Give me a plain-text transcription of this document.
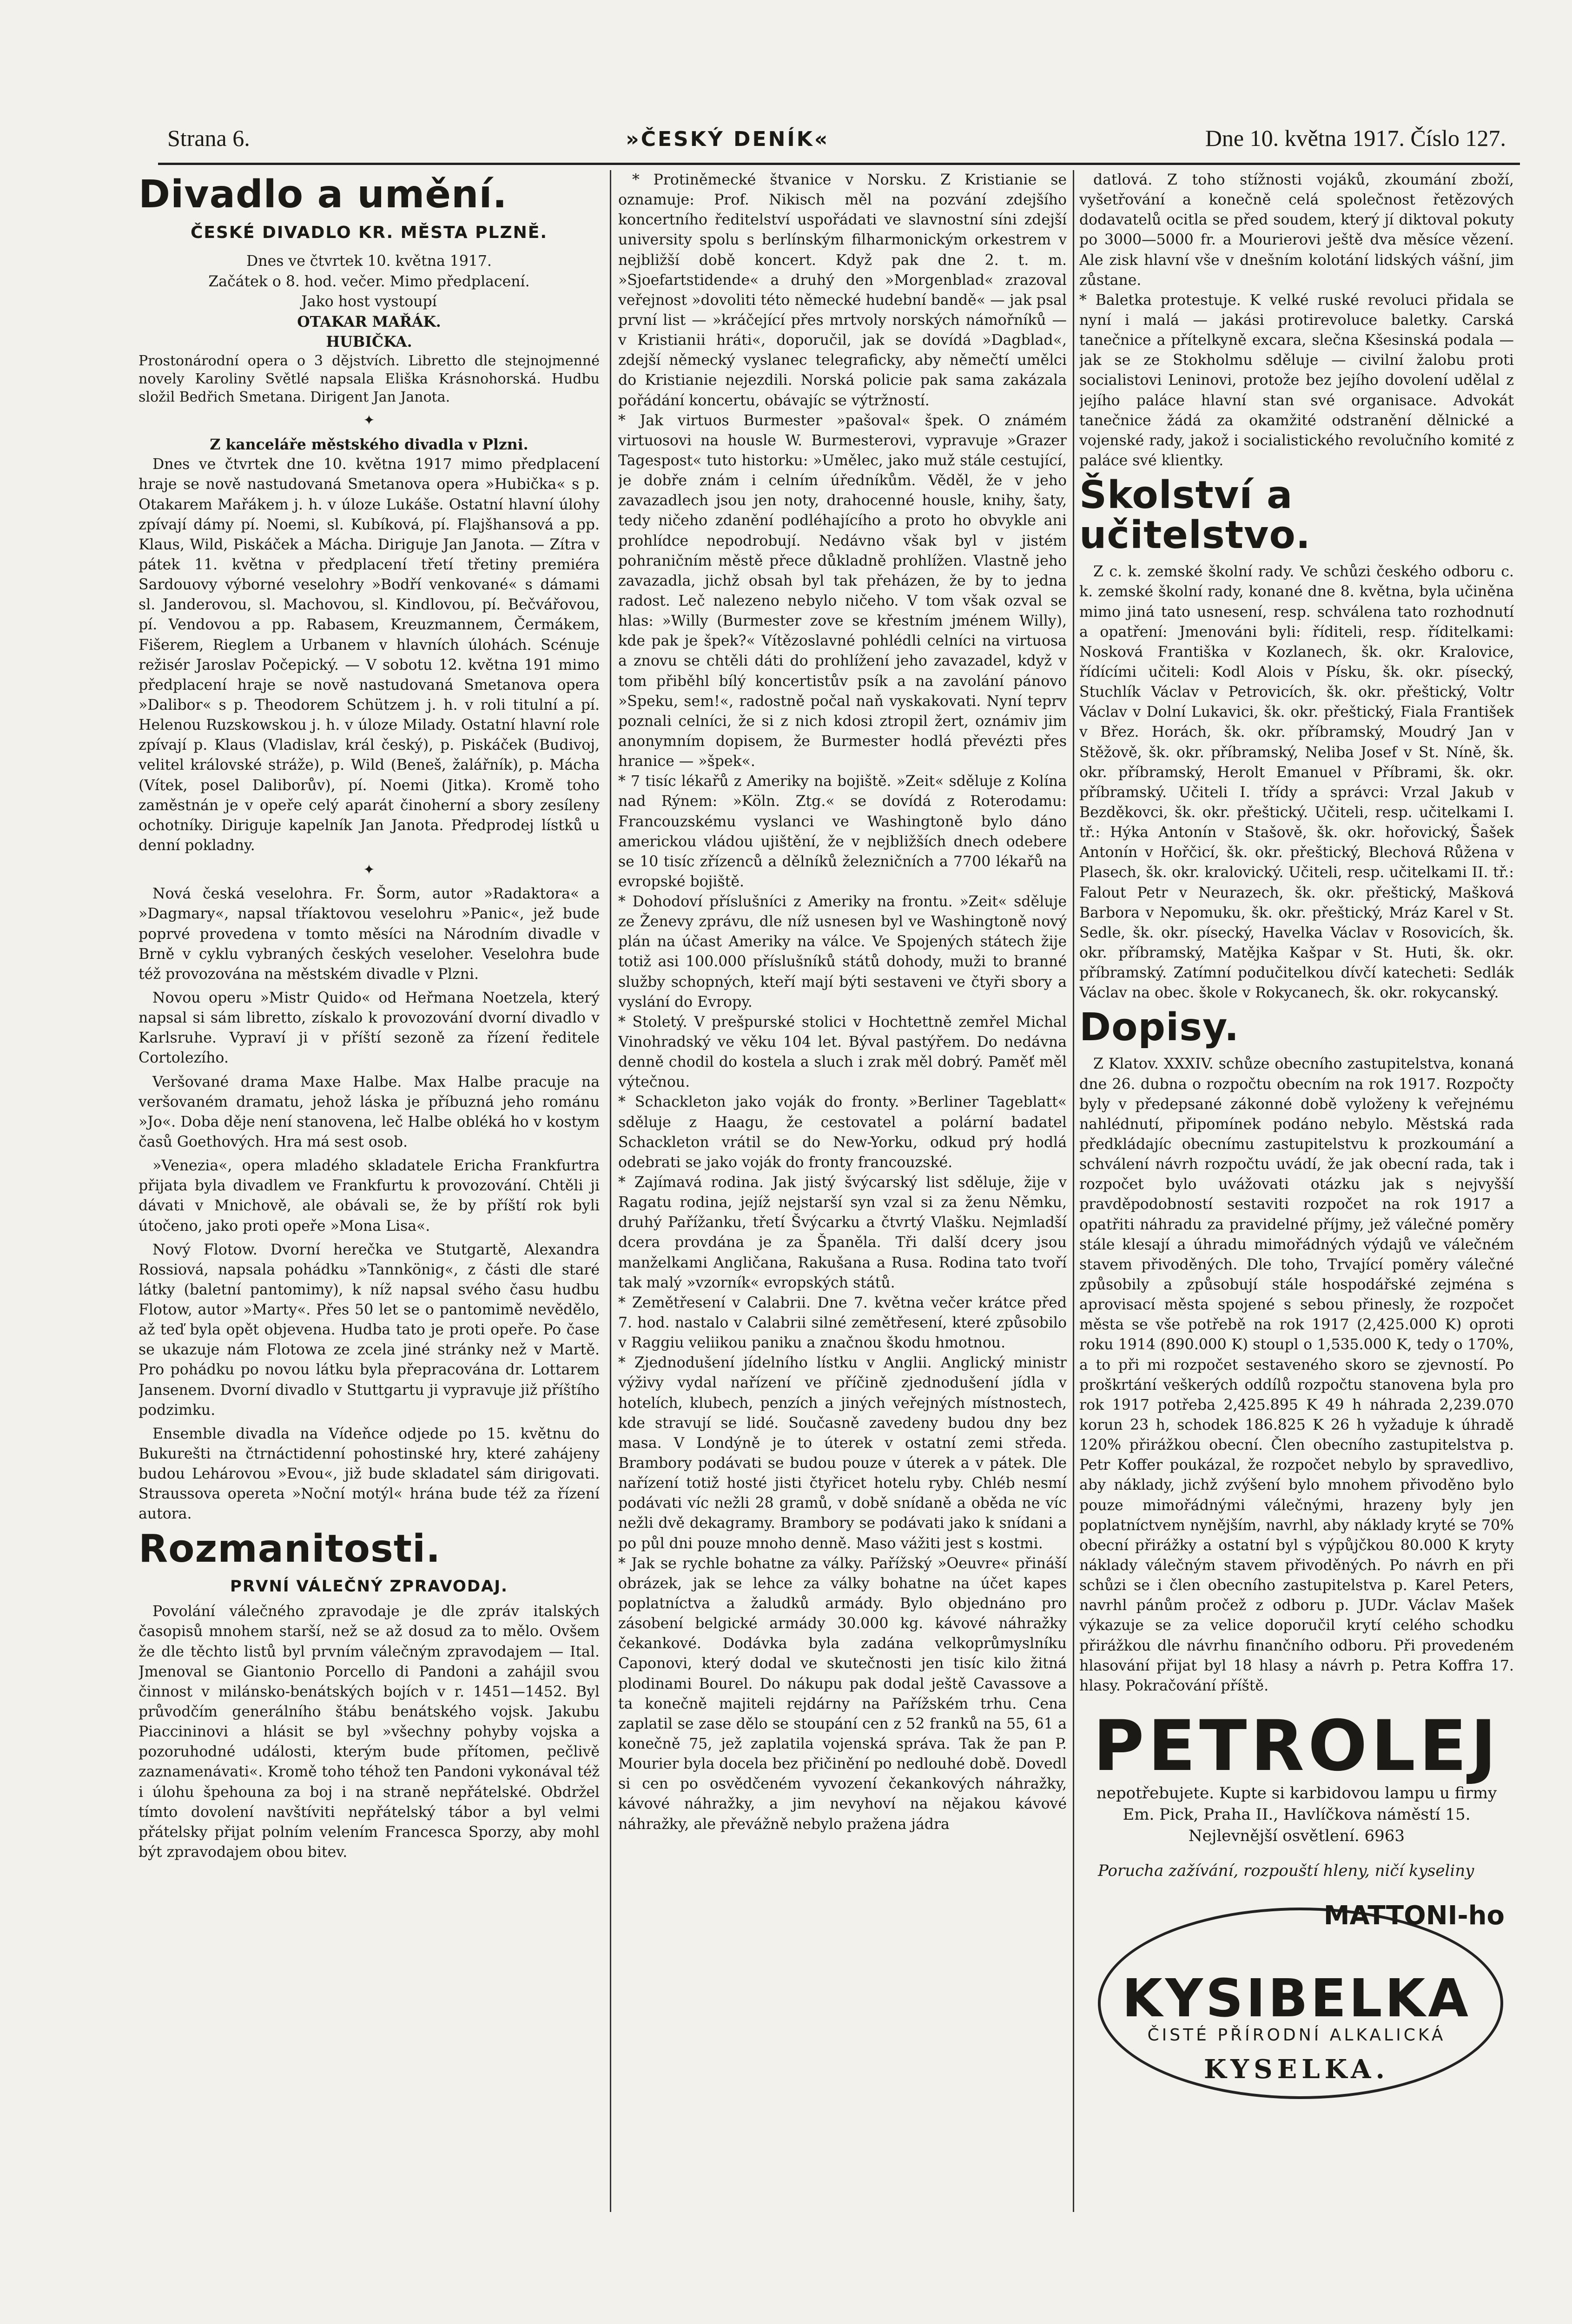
Strana 6.	»ČESKÝ DENÍK«	Dne 10. května 1917. Číslo 127.
Divadlo a umění.
ČESKÉ DIVADLO KR. MĚSTA PLZNĚ.
Dnes ve čtvrtek 10. května 1917.
Začátek o 8. hod. večer. Mimo předplacení.
Jako host vystoupí
OTAKAR MAŘÁK.
HUBIČKA.

Prostonárodní opera o 3 dějstvích. Libretto dle stejnojmenné novely Karoliny Světlé napsala Eliška Krásnohorská. Hudbu složil Bedřich Smetana. Dirigent Jan Janota.

✦
Z kanceláře městského divadla v Plzni.

Dnes ve čtvrtek dne 10. května 1917 mimo předplacení hraje se nově nastudovaná Smetanova opera »Hubička« s p. Otakarem Mařákem j. h. v úloze Lukáše. Ostatní hlavní úlohy zpívají dámy pí. Noemi, sl. Kubíková, pí. Flajšhansová a pp. Klaus, Wild, Piskáček a Mácha. Diriguje Jan Janota. — Zítra v pátek 11. května v předplacení třetí třetiny premiéra Sardouovy výborné veselohry »Bodří venkované« s dámami sl. Janderovou, sl. Machovou, sl. Kindlovou, pí. Bečvářovou, pí. Vendovou a pp. Rabasem, Kreuzmannem, Čermákem, Fišerem, Rieglem a Urbanem v hlavních úlohách. Scénuje režisér Jaroslav Počepický. — V sobotu 12. května 191 mimo předplacení hraje se nově nastudovaná Smetanova opera »Dalibor« s p. Theodorem Schützem j. h. v roli titulní a pí. Helenou Ruzskowskou j. h. v úloze Milady. Ostatní hlavní role zpívají p. Klaus (Vladislav, král český), p. Piskáček (Budivoj, velitel královské stráže), p. Wild (Beneš, žalářník), p. Mácha (Vítek, posel Daliborův), pí. Noemi (Jitka). Kromě toho zaměstnán je v opeře celý aparát činoherní a sbory zesíleny ochotníky. Diriguje kapelník Jan Janota. Předprodej lístků u denní pokladny.

✦

Nová česká veselohra. Fr. Šorm, autor »Radaktora« a »Dagmary«, napsal tříaktovou veselohru »Panic«, jež bude poprvé provedena v tomto měsíci na Národním divadle v Brně v cyklu vybraných českých veseloher. Veselohra bude též provozována na městském divadle v Plzni.

Novou operu »Mistr Quido« od Heřmana Noetzela, který napsal si sám libretto, získalo k provozování dvorní divadlo v Karlsruhe. Vypraví ji v příští sezoně za řízení ředitele Cortolezího.

Veršované drama Maxe Halbe. Max Halbe pracuje na veršovaném dramatu, jehož láska je příbuzná jeho románu »Jo«. Doba děje není stanovena, leč Halbe obléká ho v kostym časů Goethových. Hra má sest osob.

»Venezia«, opera mladého skladatele Ericha Frankfurtra přijata byla divadlem ve Frankfurtu k provozování. Chtěli ji dávati v Mnichově, ale obávali se, že by příští rok byli útočeno, jako proti opeře »Mona Lisa«.

Nový Flotow. Dvorní herečka ve Stutgartě, Alexandra Rossiová, napsala pohádku »Tannkönig«, z části dle staré látky (baletní pantomimy), k níž napsal svého času hudbu Flotow, autor »Marty«. Přes 50 let se o pantomimě nevědělo, až teď byla opět objevena. Hudba tato je proti opeře. Po čase se ukazuje nám Flotowa ze zcela jiné stránky než v Martě. Pro pohádku po novou látku byla přepracována dr. Lottarem Jansenem. Dvorní divadlo v Stuttgartu ji vypravuje již příštího podzimku.

Ensemble divadla na Vídeňce odjede po 15. květnu do Bukurešti na čtrnáctidenní pohostinské hry, které zahájeny budou Lehárovou »Evou«, již bude skladatel sám dirigovati. Straussova opereta »Noční motýl« hrána bude též za řízení autora.

Rozmanitosti.
PRVNÍ VÁLEČNÝ ZPRAVODAJ.

Povolání válečného zpravodaje je dle zpráv italských časopisů mnohem starší, než se až dosud za to mělo. Ovšem že dle těchto listů byl prvním válečným zpravodajem — Ital. Jmenoval se Giantonio Porcello di Pandoni a zahájil svou činnost v milánsko-benátských bojích v r. 1451—1452. Byl průvodčím generálního štábu benátského vojsk. Jakubu Piaccininovi a hlásit se byl »všechny pohyby vojska a pozoruhodné události, kterým bude přítomen, pečlivě zaznamenávati«. Kromě toho téhož ten Pandoni vykonával též i úlohu špehouna za boj i na straně nepřátelské. Obdržel tímto dovolení navštíviti nepřátelský tábor a byl velmi přátelsky přijat polním velením Francesca Sporzy, aby mohl být zpravodajem obou bitev.

* Protiněmecké štvanice v Norsku. Z Kristianie se oznamuje: Prof. Nikisch měl na pozvání zdejšího koncertního ředitelství uspořádati ve slavnostní síni zdejší university spolu s berlínským filharmonickým orkestrem v nejbližší době koncert. Když pak dne 2. t. m. »Sjoefartstidende« a druhý den »Morgenblad« zrazoval veřejnost »dovoliti této německé hudební bandě« — jak psal první list — »kráčející přes mrtvoly norských námořníků — v Kristianii hráti«, doporučil, jak se dovídá »Dagblad«, zdejší německý vyslanec telegraficky, aby němečtí umělci do Kristianie nejezdili. Norská policie pak sama zakázala pořádání koncertu, obávajíc se výtržností.
* Jak virtuos Burmester »pašoval« špek. O známém virtuosovi na housle W. Burmesterovi, vypravuje »Grazer Tagespost« tuto historku: »Umělec, jako muž stále cestující, je dobře znám i celním úředníkům. Věděl, že v jeho zavazadlech jsou jen noty, drahocenné housle, knihy, šaty, tedy ničeho zdanění podléhajícího a proto ho obvykle ani prohlídce nepodrobují. Nedávno však byl v jistém pohraničním městě přece důkladně prohlížen. Vlastně jeho zavazadla, jichž obsah byl tak přeházen, že by to jedna radost. Leč nalezeno nebylo ničeho. V tom však ozval se hlas: »Willy (Burmester zove se křestním jménem Willy), kde pak je špek?« Vítězoslavné pohlédli celníci na virtuosa a znovu se chtěli dáti do prohlížení jeho zavazadel, když v tom přiběhl bílý koncertistův psík a na zavolání pánovo »Speku, sem!«, radostně počal naň vyskakovati. Nyní teprv poznali celníci, že si z nich kdosi ztropil žert, oznámiv jim anonymním dopisem, že Burmester hodlá převézti přes hranice — »špek«.
* 7 tisíc lékařů z Ameriky na bojiště. »Zeit« sděluje z Kolína nad Rýnem: »Köln. Ztg.« se dovídá z Roterodamu: Francouzskému vyslanci ve Washingtoně bylo dáno americkou vládou ujištění, že v nejbližších dnech odebere se 10 tisíc zřízenců a dělníků železničních a 7700 lékařů na evropské bojiště.
* Dohodoví příslušníci z Ameriky na frontu. »Zeit« sděluje ze Ženevy zprávu, dle níž usnesen byl ve Washingtoně nový plán na účast Ameriky na válce. Ve Spojených státech žije totiž asi 100.000 příslušníků států dohody, muži to branné služby schopných, kteří mají býti sestaveni ve čtyři sbory a vyslání do Evropy.
* Stoletý. V prešpurské stolici v Hochtettně zemřel Michal Vinohradský ve věku 104 let. Býval pastýřem. Do nedávna denně chodil do kostela a sluch i zrak měl dobrý. Paměť měl výtečnou.
* Schackleton jako voják do fronty. »Berliner Tageblatt« sděluje z Haagu, že cestovatel a polární badatel Schackleton vrátil se do New-Yorku, odkud prý hodlá odebrati se jako voják do fronty francouzské.
* Zajímavá rodina. Jak jistý švýcarský list sděluje, žije v Ragatu rodina, jejíž nejstarší syn vzal si za ženu Němku, druhý Pařížanku, třetí Švýcarku a čtvrtý Vlašku. Nejmladší dcera provdána je za Španěla. Tři další dcery jsou manželkami Angličana, Rakušana a Rusa. Rodina tato tvoří tak malý »vzorník« evropských států.
* Zemětřesení v Calabrii. Dne 7. května večer krátce před 7. hod. nastalo v Calabrii silné zemětřesení, které způsobilo v Raggiu veliikou paniku a značnou škodu hmotnou.
* Zjednodušení jídelního lístku v Anglii. Anglický ministr výživy vydal nařízení ve příčině zjednodušení jídla v hotelích, klubech, penzích a jiných veřejných místnostech, kde stravují se lidé. Současně zavedeny budou dny bez masa. V Londýně je to úterek v ostatní zemi středa. Brambory podávati se budou pouze v úterek a v pátek. Dle nařízení totiž hosté jisti čtyřicet hotelu ryby. Chléb nesmí podávati víc nežli 28 gramů, v době snídaně a oběda ne víc nežli dvě dekagramy. Brambory se podávati jako k snídani a po půl dni pouze mnoho denně. Maso vážiti jest s kostmi.
* Jak se rychle bohatne za války. Pařížský »Oeuvre« přináší obrázek, jak se lehce za války bohatne na účet kapes poplatníctva a žaludků armády. Bylo objednáno pro zásobení belgické armády 30.000 kg. kávové náhražky čekankové. Dodávka byla zadána velkoprůmyslníku Caponovi, který dodal ve skutečnosti jen tisíc kilo žitná plodinami Bourel. Do nákupu pak dodal ještě Cavassove a ta konečně majiteli rejdárny na Pařížském trhu. Cena zaplatil se zase dělo se stoupání cen z 52 franků na 55, 61 a konečně 75, jež zaplatila vojenská správa. Tak že pan P. Mourier byla docela bez přičinění po nedlouhé době. Dovedl si cen po osvědčeném vyvození čekankových náhražky, kávové náhražky, a jim nevyhoví na nějakou kávové náhražky, ale převážně nebylo pražena jádra

datlová. Z toho stížnosti vojáků, zkoumání zboží, vyšetřování a konečně celá společnost řetězových dodavatelů ocitla se před soudem, který jí diktoval pokuty po 3000—5000 fr. a Mourierovi ještě dva měsíce vězení. Ale zisk hlavní vše v dnešním kolotání lidských vášní, jim zůstane.
* Baletka protestuje. K velké ruské revoluci přidala se nyní i malá — jakási protirevoluce baletky. Carská tanečnice a přítelkyně excara, slečna Kšesinská podala — jak se ze Stokholmu sděluje — civilní žalobu proti socialistovi Leninovi, protože bez jejího dovolení udělal z jejího paláce hlavní stan své organisace. Advokát tanečnice žádá za okamžité odstranění dělnické a vojenské rady, jakož i socialistického revolučního komité z paláce své klientky.

Školství a učitelstvo.

Z c. k. zemské školní rady. Ve schůzi českého odboru c. k. zemské školní rady, konané dne 8. května, byla učiněna mimo jiná tato usnesení, resp. schválena tato rozhodnutí a opatření: Jmenováni byli: říditeli, resp. říditelkami: Nosková Františka v Kozlanech, šk. okr. Kralovice, řídícími učiteli: Kodl Alois v Písku, šk. okr. písecký, Stuchlík Václav v Petrovicích, šk. okr. přeštický, Voltr Václav v Dolní Lukavici, šk. okr. přeštický, Fiala František v Břez. Horách, šk. okr. příbramský, Moudrý Jan v Stěžově, šk. okr. příbramský, Neliba Josef v St. Níně, šk. okr. příbramský, Herolt Emanuel v Příbrami, šk. okr. příbramský. Učiteli I. třídy a správci: Vrzal Jakub v Bezděkovci, šk. okr. přeštický. Učiteli, resp. učitelkami I. tř.: Hýka Antonín v Stašově, šk. okr. hořovický, Šašek Antonín v Hořčicí, šk. okr. přeštický, Blechová Růžena v Plasech, šk. okr. kralovický. Učiteli, resp. učitelkami II. tř.: Falout Petr v Neurazech, šk. okr. přeštický, Mašková Barbora v Nepomuku, šk. okr. přeštický, Mráz Karel v St. Sedle, šk. okr. písecký, Havelka Václav v Rosovicích, šk. okr. příbramský, Matějka Kašpar v St. Huti, šk. okr. příbramský. Zatímní podučitelkou dívčí katecheti: Sedlák Václav na obec. škole v Rokycanech, šk. okr. rokycanský.

Dopisy.

Z Klatov. XXXIV. schůze obecního zastupitelstva, konaná dne 26. dubna o rozpočtu obecním na rok 1917. Rozpočty byly v předepsané zákonné době vyloženy k veřejnému nahlédnutí, připomínek podáno nebylo. Městská rada předkládajíc obecnímu zastupitelstvu k prozkoumání a schválení návrh rozpočtu uvádí, že jak obecní rada, tak i rozpočet bylo uvážovati otázku jak s nejvyšší pravděpodobností sestaviti rozpočet na rok 1917 a opatřiti náhradu za pravidelné příjmy, jež válečné poměry stále klesají a úhradu mimořádných výdajů ve válečném stavem přivoděných. Dle toho, Trvající poměry válečné způsobily a způsobují stále hospodářské zejména s aprovisací města spojené s sebou přinesly, že rozpočet města se vše potřebě na rok 1917 (2,425.000 K) oproti roku 1914 (890.000 K) stoupl o 1,535.000 K, tedy o 170%, a to při mi rozpočet sestaveného skoro se zjevností. Po proškrtání veškerých oddílů rozpočtu stanovena byla pro rok 1917 potřeba 2,425.895 K 49 h náhrada 2,239.070 korun 23 h, schodek 186.825 K 26 h vyžaduje k úhradě 120% přirážkou obecní. Člen obecního zastupitelstva p. Petr Koffer poukázal, že rozpočet nebylo by spravedlivo, aby náklady, jichž zvýšení bylo mnohem přivoděno bylo pouze mimořádnými válečnými, hrazeny byly jen poplatníctvem nynějším, navrhl, aby náklady kryté se 70% obecní přirážky a ostatní byl s výpůjčkou 80.000 K kryty náklady válečným stavem přivoděných. Po návrh en při schůzi se i člen obecního zastupitelstva p. Karel Peters, navrhl pánům pročež z odboru p. JUDr. Václav Mašek výkazuje se za velice doporučil krytí celého schodku přirážkou dle návrhu finančního odboru. Při provedeném hlasování přijat byl 18 hlasy a návrh p. Petra Koffra 17. hlasy. Pokračování příště.

PETROLEJ
nepotřebujete. Kupte si karbidovou lampu u firmy Em. Pick, Praha II., Havlíčkova náměstí 15. Nejlevnější osvětlení. 6963
Porucha zažívání, rozpouští hleny, ničí kyseliny
MATTONI-ho
KYSIBELKA
ČISTÉ PŘÍRODNÍ ALKALICKÁ
KYSELKA.
